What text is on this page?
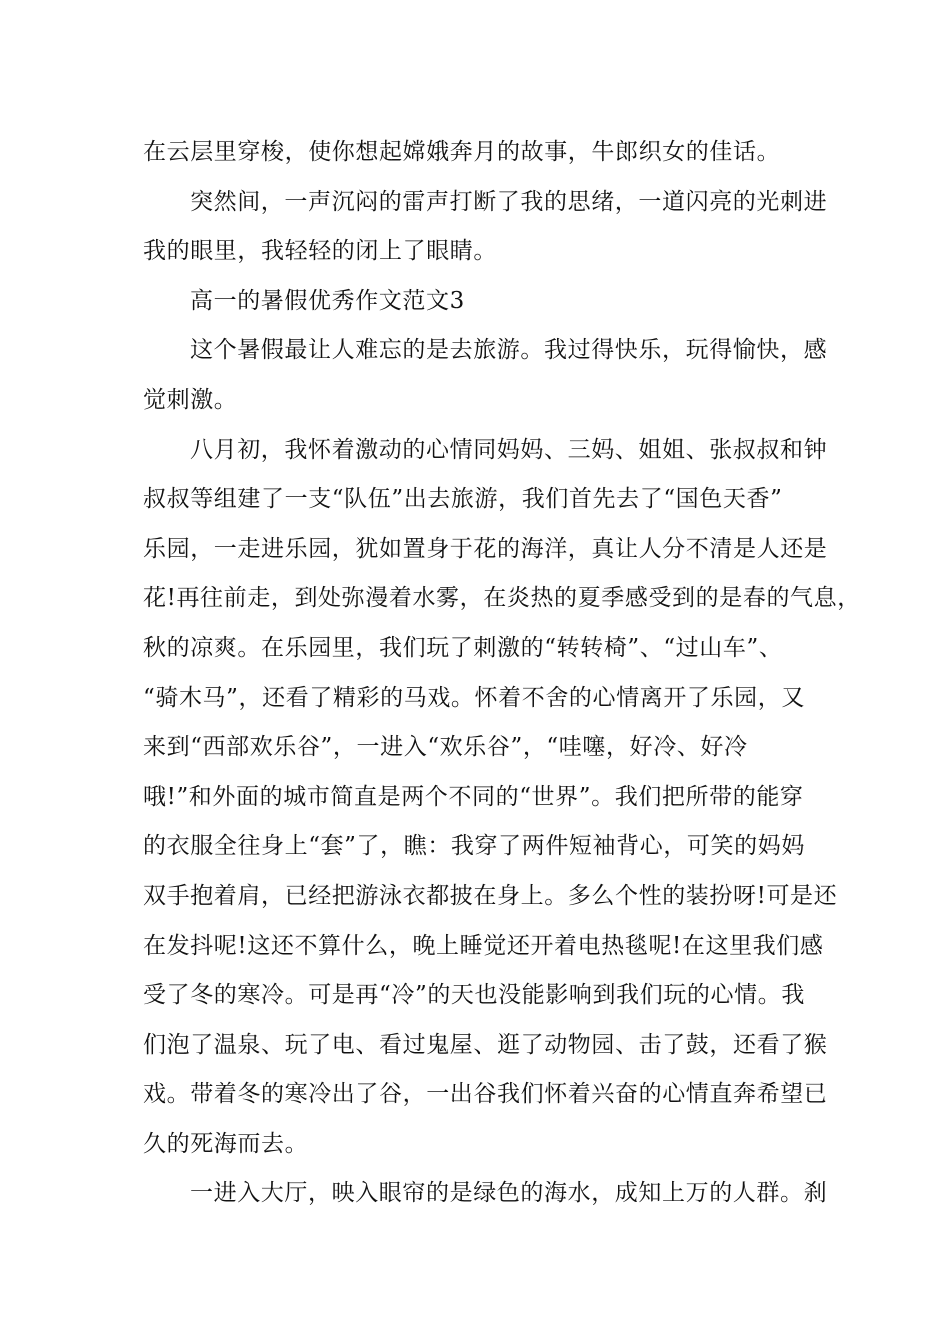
在云层里穿梭，使你想起嫦娥奔月的故事，牛郎织女的佳话。
突然间，一声沉闷的雷声打断了我的思绪，一道闪亮的光刺进
我的眼里，我轻轻的闭上了眼睛。
高一的暑假优秀作文范文3
这个暑假最让人难忘的是去旅游。我过得快乐，玩得愉快，感
觉刺激。
八月初，我怀着激动的心情同妈妈、三妈、姐姐、张叔叔和钟
叔叔等组建了一支“队伍”出去旅游，我们首先去了“国色天香”
乐园，一走进乐园，犹如置身于花的海洋，真让人分不清是人还是
花!再往前走，到处弥漫着水雾，在炎热的夏季感受到的是春的气息，
秋的凉爽。在乐园里，我们玩了刺激的“转转椅”、“过山车”、
“骑木马”，还看了精彩的马戏。怀着不舍的心情离开了乐园，又
来到“西部欢乐谷”，一进入“欢乐谷”，“哇噻，好冷、好冷
哦!”和外面的城市简直是两个不同的“世界”。我们把所带的能穿
的衣服全往身上“套”了，瞧：我穿了两件短袖背心，可笑的妈妈
双手抱着肩，已经把游泳衣都披在身上。多么个性的装扮呀!可是还
在发抖呢!这还不算什么，晚上睡觉还开着电热毯呢!在这里我们感
受了冬的寒冷。可是再“冷”的天也没能影响到我们玩的心情。我
们泡了温泉、玩了电、看过鬼屋、逛了动物园、击了鼓，还看了猴
戏。带着冬的寒冷出了谷，一出谷我们怀着兴奋的心情直奔希望已
久的死海而去。
一进入大厅，映入眼帘的是绿色的海水，成知上万的人群。刹
